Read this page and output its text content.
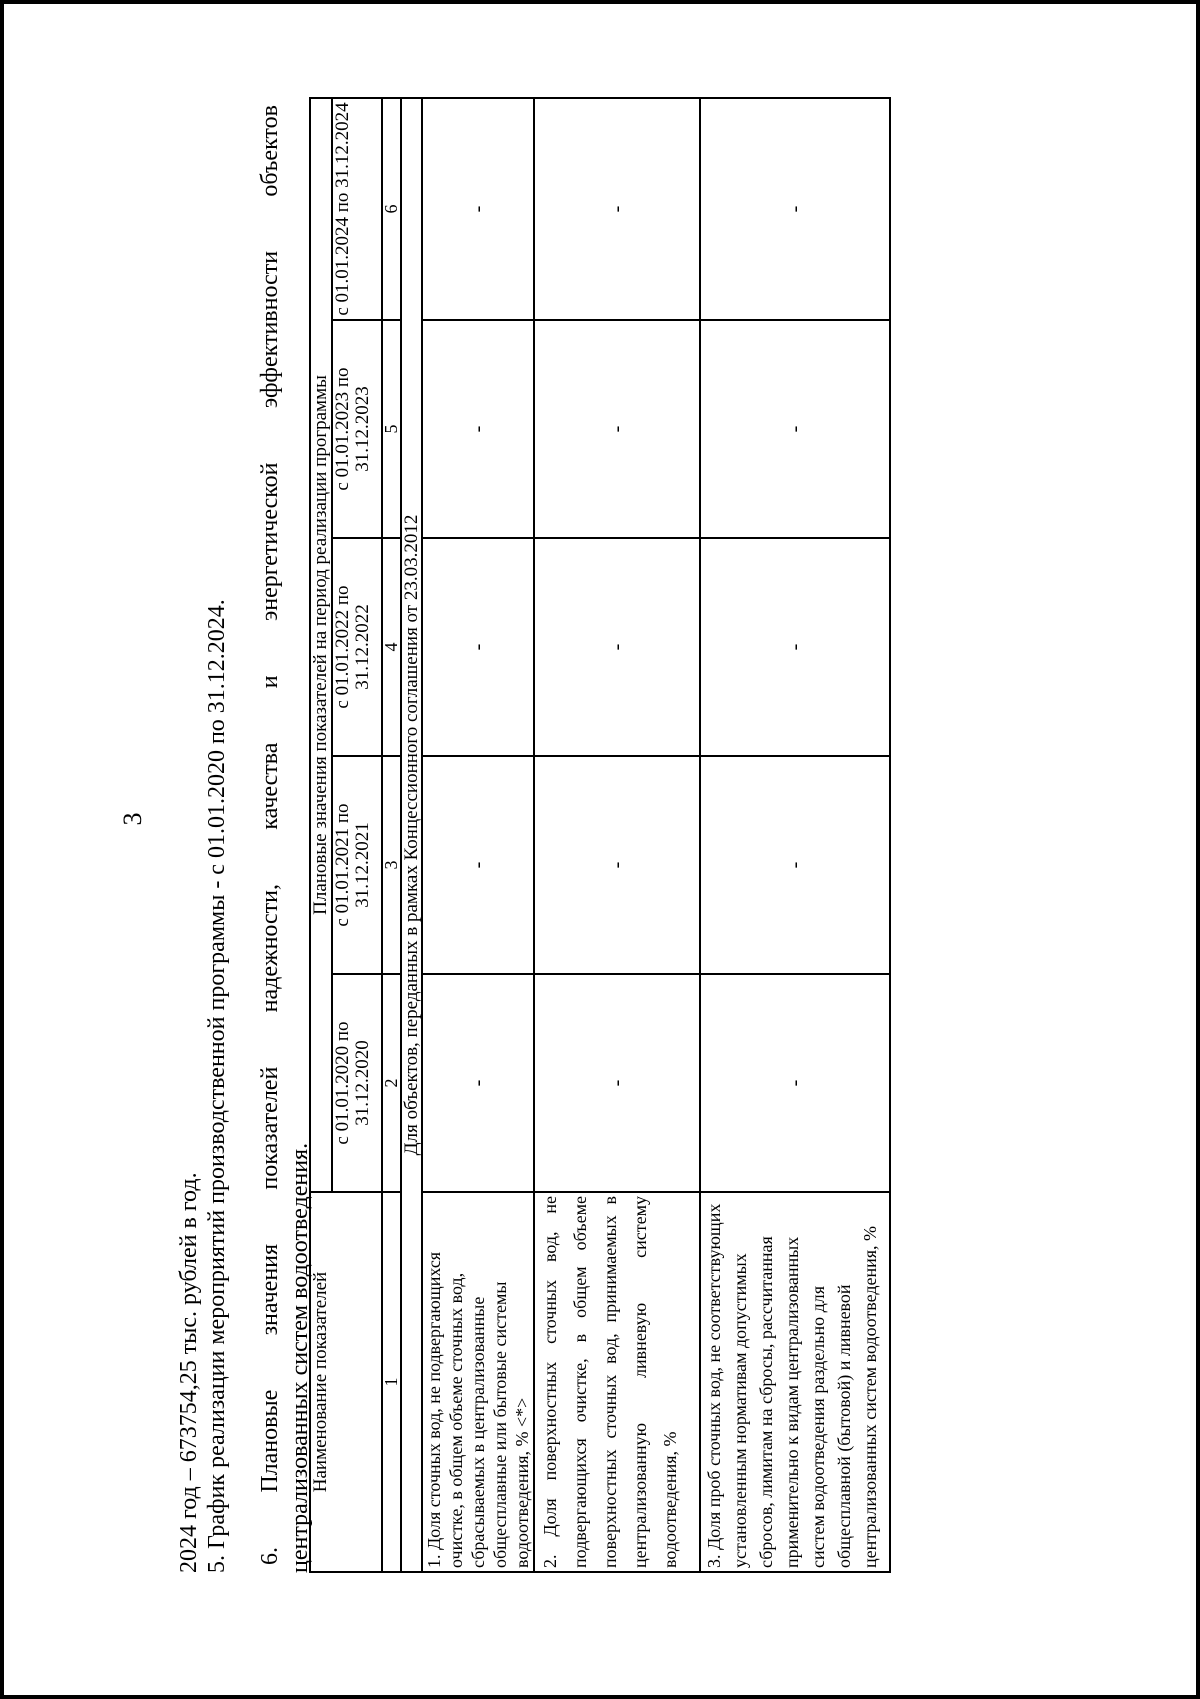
3
2024 год – 673754,25 тыс. рублей в год. 5. График реализации мероприятий производственной программы - с 01.01.2020 по 31.12.2024. 6.
Плановые
значения
показателей
надежности,
качества
и
энергетической
эффективности
объектов
централизованных систем водоотведения.
Наименование показателей	Плановые значения показателей на период реализации программы				
	с 01.01.2020 по 31.12.2020	с 01.01.2021 по 31.12.2021	с 01.01.2022 по 31.12.2022	с 01.01.2023 по 31.12.2023	с 01.01.2024 по 31.12.2024
1	2	3	4	5	6
Для объектов, переданных в рамках Концессионного соглашения от 23.03.2012					
1. Доля сточных вод, не подвергающихся очистке, в общем объеме сточных вод, сбрасываемых в централизованные общесплавные или бытовые системы водоотведения, % <*>	-	-	-	-	-
2. Доля поверхностных сточных вод, не подвергающихся очистке, в общем объеме поверхностных сточных вод, принимаемых в централизованную ливневую систему водоотведения, %	-	-	-	-	-
3. Доля проб сточных вод, не соответствующих установленным нормативам допустимых сбросов, лимитам на сбросы, рассчитанная применительно к видам централизованных систем водоотведения раздельно для общесплавной (бытовой) и ливневой централизованных систем водоотведения, %	-	-	-	-	-
